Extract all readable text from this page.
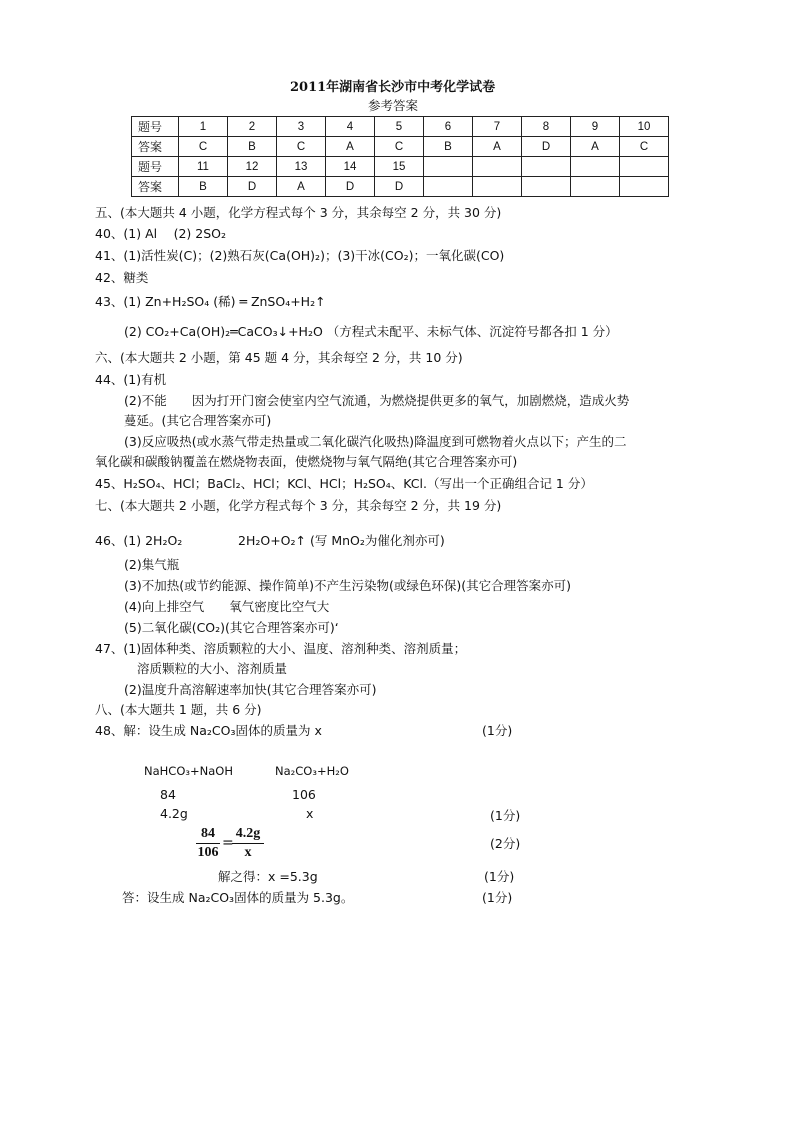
2011年湖南省长沙市中考化学试卷
参考答案
题号	1	2	3	4	5	6	7	8	9	10
答案	C	B	C	A	C	B	A	D	A	C
题号	11	12	13	14	15					
答案	B	D	A	D	D					
五、(本大题共 4 小题，化学方程式每个 3 分，其余每空 2 分，共 30 分)
40、(1) Al　 (2) 2SO₂
41、(1)活性炭(C)；(2)熟石灰(Ca(OH)₂)；(3)干冰(CO₂)；一氧化碳(CO)
42、糖类
43、(1) Zn+H₂SO₄ (稀) ═ ZnSO₄+H₂↑
(2) CO₂+Ca(OH)₂═CaCO₃↓+H₂O （方程式未配平、未标气体、沉淀符号都各扣 1 分）
六、(本大题共 2 小题，第 45 题 4 分，其余每空 2 分，共 10 分)
44、(1)有机
(2)不能　　因为打开门窗会使室内空气流通，为燃烧提供更多的氧气，加剧燃烧，造成火势
蔓延。(其它合理答案亦可)
(3)反应吸热(或水蒸气带走热量或二氧化碳汽化吸热)降温度到可燃物着火点以下；产生的二
氧化碳和碳酸钠覆盖在燃烧物表面，使燃烧物与氧气隔绝(其它合理答案亦可)
45、H₂SO₄、HCl；BaCl₂、HCl；KCl、HCl；H₂SO₄、KCl.（写出一个正确组合记 1 分）
七、(本大题共 2 小题，化学方程式每个 3 分，其余每空 2 分，共 19 分)
46、(1) 2H₂O₂	2H₂O+O₂↑ (写 MnO₂为催化剂亦可)
(2)集气瓶
(3)不加热(或节约能源、操作简单)不产生污染物(或绿色环保)(其它合理答案亦可)
(4)向上排空气　　氧气密度比空气大
(5)二氧化碳(CO₂)(其它合理答案亦可)‘
47、(1)固体种类、溶质颗粒的大小、温度、溶剂种类、溶剂质量；
溶质颗粒的大小、溶剂质量
(2)温度升高溶解速率加快(其它合理答案亦可)
八、(本大题共 1 题，共 6 分)
48、解：设生成 Na₂CO₃固体的质量为 x	(1分)
NaHCO₃+NaOH	Na₂CO₃+H₂O
84	106
4.2g	x	(1分)
84
106
=
4.2g
x
(2分)
解之得：x =5.3g	(1分)
答：设生成 Na₂CO₃固体的质量为 5.3g。	(1分)
